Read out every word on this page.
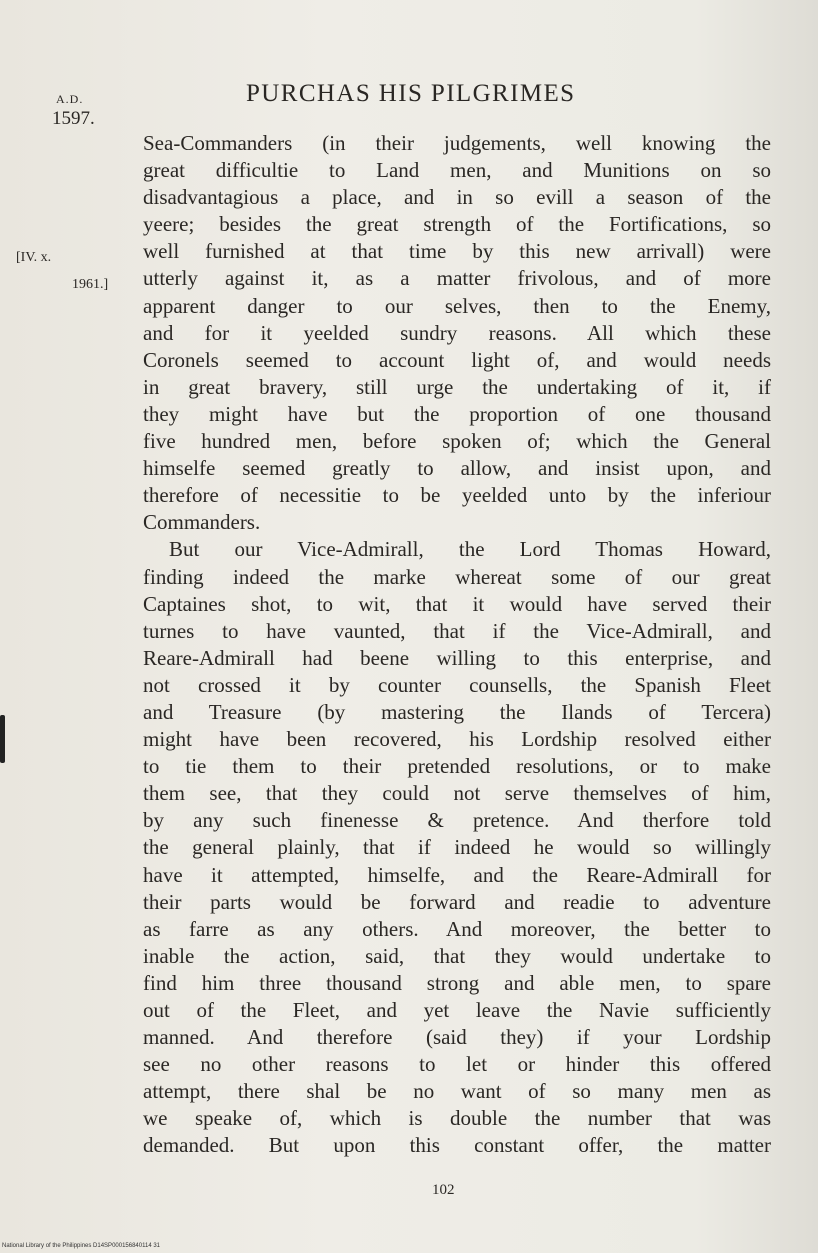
A.D.
1597.
PURCHAS HIS PILGRIMES
[IV. x.
1961.]
Sea-Commanders (in their judgements, well knowing the
great difficultie to Land men, and Munitions on so
disadvantagious a place, and in so evill a season of the
yeere; besides the great strength of the Fortifications, so
well furnished at that time by this new arrivall) were
utterly against it, as a matter frivolous, and of more
apparent danger to our selves, then to the Enemy,
and for it yeelded sundry reasons. All which these
Coronels seemed to account light of, and would needs
in great bravery, still urge the undertaking of it, if
they might have but the proportion of one thousand
five hundred men, before spoken of; which the General
himselfe seemed greatly to allow, and insist upon, and
therefore of necessitie to be yeelded unto by the inferiour
Commanders.
But our Vice-Admirall, the Lord Thomas Howard,
finding indeed the marke whereat some of our great
Captaines shot, to wit, that it would have served their
turnes to have vaunted, that if the Vice-Admirall, and
Reare-Admirall had beene willing to this enterprise, and
not crossed it by counter counsells, the Spanish Fleet
and Treasure (by mastering the Ilands of Tercera)
might have been recovered, his Lordship resolved either
to tie them to their pretended resolutions, or to make
them see, that they could not serve themselves of him,
by any such finenesse & pretence. And therfore told
the general plainly, that if indeed he would so willingly
have it attempted, himselfe, and the Reare-Admirall for
their parts would be forward and readie to adventure
as farre as any others. And moreover, the better to
inable the action, said, that they would undertake to
find him three thousand strong and able men, to spare
out of the Fleet, and yet leave the Navie sufficiently
manned. And therefore (said they) if your Lordship
see no other reasons to let or hinder this offered
attempt, there shal be no want of so many men as
we speake of, which is double the number that was
demanded. But upon this constant offer, the matter
102
National Library of the Philippines D14SP000156840114 31
